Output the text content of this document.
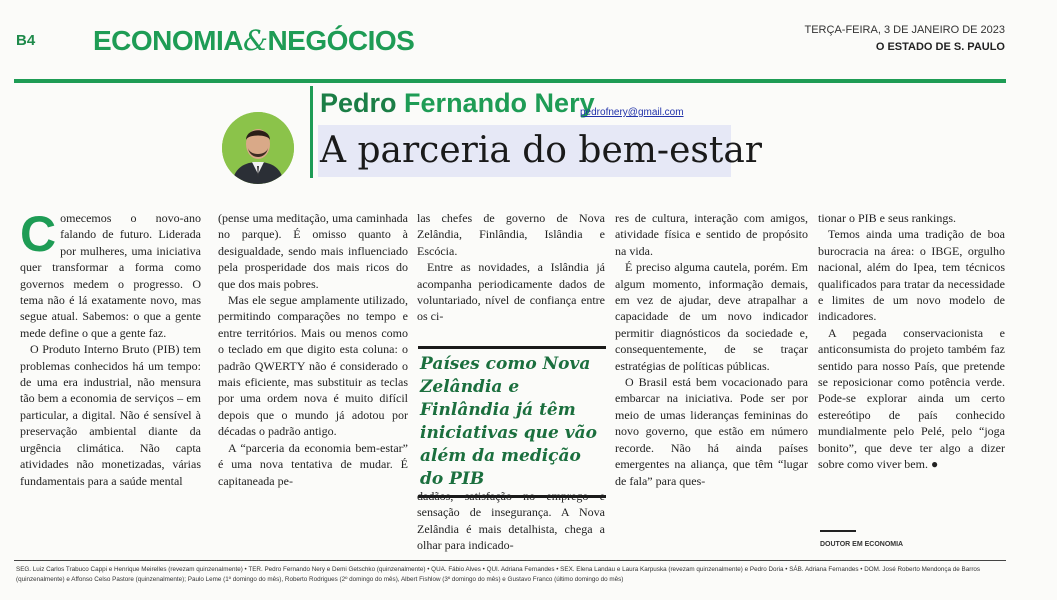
B4 ECONOMIA&NEGÓCIOS	TERÇA-FEIRA, 3 DE JANEIRO DE 2023
O ESTADO DE S. PAULO
Pedro Fernando Nery
pedrofnery@gmail.com
A parceria do bem-estar

Comecemos o novo-ano falando de futuro. Liderada por mulheres, uma iniciativa quer transformar a forma como governos medem o progresso. O tema não é lá exatamente novo, mas segue atual. Sabemos: o que a gente mede define o que a gente faz.

O Produto Interno Bruto (PIB) tem problemas conhecidos há um tempo: de uma era industrial, não mensura tão bem a economia de serviços – em particular, a digital. Não é sensível à preservação ambiental diante da urgência climática. Não capta atividades não monetizadas, várias fundamentais para a saúde mental

(pense uma meditação, uma caminhada no parque). É omisso quanto à desigualdade, sendo mais influenciado pela prosperidade dos mais ricos do que dos mais pobres.

Mas ele segue amplamente utilizado, permitindo comparações no tempo e entre territórios. Mais ou menos como o teclado em que digito esta coluna: o padrão QWERTY não é considerado o mais eficiente, mas substituir as teclas por uma ordem nova é muito difícil depois que o mundo já adotou por décadas o padrão antigo.

A “parceria da economia bem-estar” é uma nova tentativa de mudar. É capitaneada pe-

las chefes de governo de Nova Zelândia, Finlândia, Islândia e Escócia.

Entre as novidades, a Islândia já acompanha periodicamente dados de voluntariado, nível de confiança entre os ci-

Países como Nova Zelândia e Finlândia já têm iniciativas que vão além da medição do PIB

dadãos, satisfação no emprego e sensação de insegurança. A Nova Zelândia é mais detalhista, chega a olhar para indicado-

res de cultura, interação com amigos, atividade física e sentido de propósito na vida.

É preciso alguma cautela, porém. Em algum momento, informação demais, em vez de ajudar, deve atrapalhar a capacidade de um novo indicador permitir diagnósticos da sociedade e, consequentemente, de se traçar estratégias de políticas públicas.

O Brasil está bem vocacionado para embarcar na iniciativa. Pode ser por meio de umas lideranças femininas do novo governo, que estão em número recorde. Não há ainda países emergentes na aliança, que têm “lugar de fala” para ques-

tionar o PIB e seus rankings.

Temos ainda uma tradição de boa burocracia na área: o IBGE, orgulho nacional, além do Ipea, tem técnicos qualificados para tratar da necessidade e limites de um novo modelo de indicadores.

A pegada conservacionista e anticonsumista do projeto também faz sentido para nosso País, que pretende se reposicionar como potência verde. Pode-se explorar ainda um certo estereótipo de país conhecido mundialmente pelo Pelé, pelo “joga bonito”, que deve ter algo a dizer sobre como viver bem. ●

DOUTOR EM ECONOMIA
SEG. Luiz Carlos Trabuco Cappi e Henrique Meirelles (revezam quinzenalmente) • TER. Pedro Fernando Nery e Demi Getschko (quinzenalmente) • QUA. Fábio Alves • QUI. Adriana Fernandes • SEX. Elena Landau e Laura Karpuska (revezam quinzenalmente) e Pedro Doria • SÁB. Adriana Fernandes • DOM. José Roberto Mendonça de Barros (quinzenalmente) e Affonso Celso Pastore (quinzenalmente); Paulo Leme (1º domingo do mês), Roberto Rodrigues (2º domingo do mês), Albert Fishlow (3º domingo do mês) e Gustavo Franco (último domingo do mês)
